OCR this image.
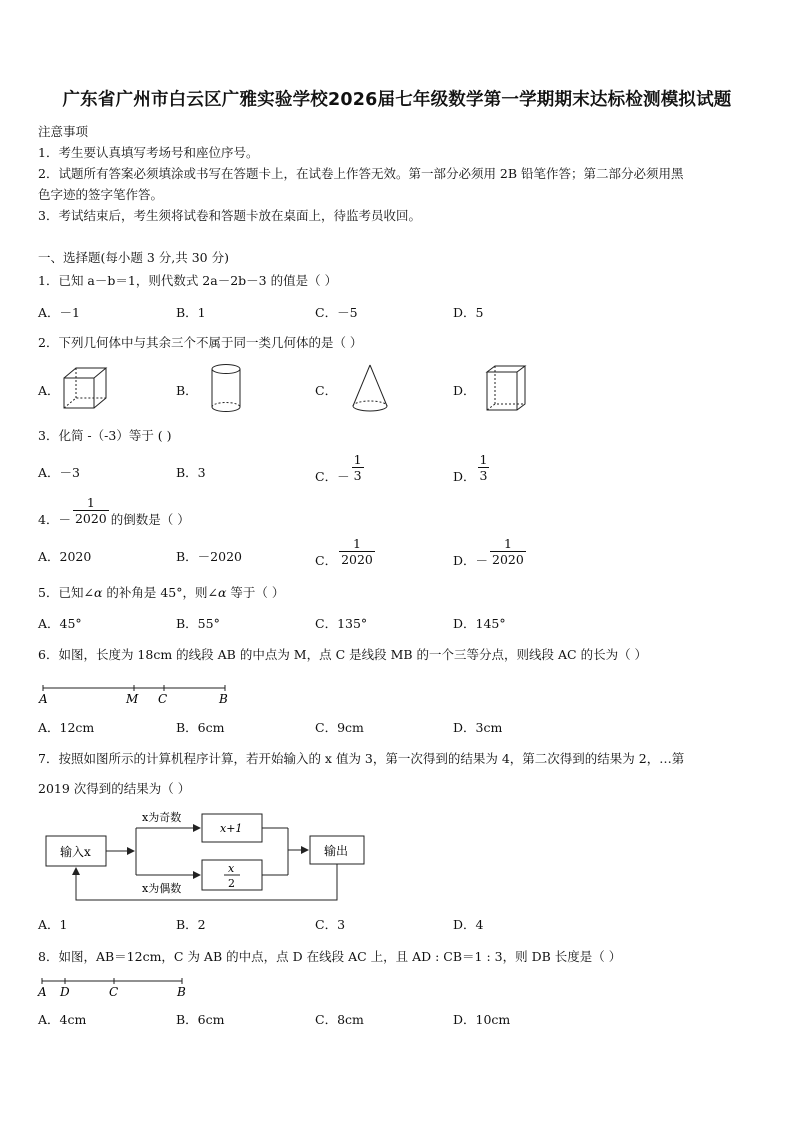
广东省广州市白云区广雅实验学校2026届七年级数学第一学期期末达标检测模拟试题
注意事项
1．考生要认真填写考场号和座位序号。
2．试题所有答案必须填涂或书写在答题卡上，在试卷上作答无效。第一部分必须用 2B 铅笔作答；第二部分必须用黑
色字迹的签字笔作答。
3．考试结束后，考生须将试卷和答题卡放在桌面上，待监考员收回。
一、选择题(每小题 3 分,共 30 分)
1．已知 a－b＝1，则代数式 2a－2b－3 的值是（ ）
A．－1	B．1	C．－5	D．5
2．下列几何体中与其余三个不属于同一类几何体的是（ ）
A．	B．	C．	D．
3．化简 -（-3）等于 ( )
A．－3	B．3	C．－ $\frac{1}{3}$	D． $\frac{1}{3}$
4．－ $\frac{1}{2020}$ 的倒数是（ ）
A．2020	B．－2020	C． $\frac{1}{2020}$	D．－ $\frac{1}{2020}$
5．已知∠α 的补角是 45°，则∠α 等于（ ）
A．45°	B．55°	C．135°	D．145°
6．如图，长度为 18cm 的线段 AB 的中点为 M，点 C 是线段 MB 的一个三等分点，则线段 AC 的长为（ ）
A	M C	B
A．12cm	B．6cm	C．9cm	D．3cm
7．按照如图所示的计算机程序计算，若开始输入的 x 值为 3，第一次得到的结果为 4，第二次得到的结果为 2，…第
2019 次得到的结果为（ ）
输入x
x为奇数
x为偶数
x+1
x
2
输出
A．1	B．2	C．3	D．4
8．如图，AB＝12cm，C 为 AB 的中点，点 D 在线段 AC 上，且 AD : CB＝1 : 3，则 DB 长度是（ ）
A D	C	B
A．4cm	B．6cm	C．8cm	D．10cm
